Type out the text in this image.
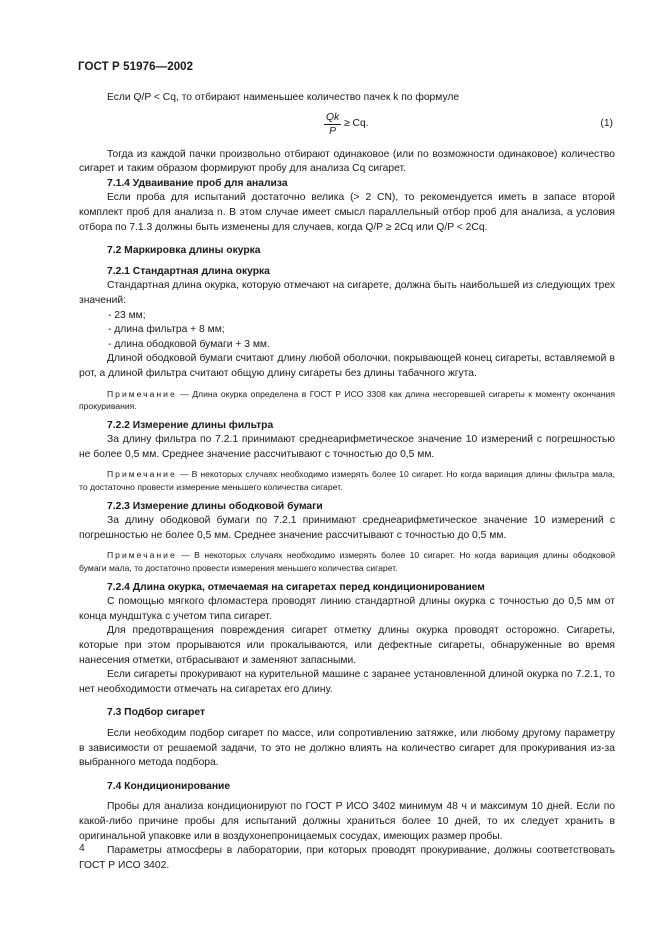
ГОСТ Р 51976—2002

Если Q/P < Cq, то отбирают наименьшее количество пачек k по формуле

$\frac{Qk}{P} \ge Cq$.	(1)

Тогда из каждой пачки произвольно отбирают одинаковое (или по возможности одинаковое) количество сигарет и таким образом формируют пробу для анализа Cq сигарет.

7.1.4 Удваивание проб для анализа

Если проба для испытаний достаточно велика (> 2 CN), то рекомендуется иметь в запасе второй комплект проб для анализа n. В этом случае имеет смысл параллельный отбор проб для анализа, а условия отбора по 7.1.3 должны быть изменены для случаев, когда Q/P ≥ 2Cq или Q/P < 2Cq.

7.2 Маркировка длины окурка

7.2.1 Стандартная длина окурка

Стандартная длина окурка, которую отмечают на сигарете, должна быть наибольшей из следующих трех значений:

- 23 мм;

- длина фильтра + 8 мм;

- длина ободковой бумаги + 3 мм.

Длиной ободковой бумаги считают длину любой оболочки, покрывающей конец сигареты, вставляемой в рот, а длиной фильтра считают общую длину сигареты без длины табачного жгута.

Примечание — Длина окурка определена в ГОСТ Р ИСО 3308 как длина несгоревшей сигареты к моменту окончания прокуривания.

7.2.2 Измерение длины фильтра

За длину фильтра по 7.2.1 принимают среднеарифметическое значение 10 измерений с погрешностью не более 0,5 мм. Среднее значение рассчитывают с точностью до 0,5 мм.

Примечание — В некоторых случаях необходимо измерять более 10 сигарет. Но когда вариация длины фильтра мала, то достаточно провести измерение меньшего количества сигарет.

7.2.3 Измерение длины ободковой бумаги

За длину ободковой бумаги по 7.2.1 принимают среднеарифметическое значение 10 измерений с погрешностью не более 0,5 мм. Среднее значение рассчитывают с точностью до 0,5 мм.

Примечание — В некоторых случаях необходимо измерять более 10 сигарет. Но когда вариация длины ободковой бумаги мала, то достаточно провести измерения меньшего количества сигарет.

7.2.4 Длина окурка, отмечаемая на сигаретах перед кондиционированием

С помощью мягкого фломастера проводят линию стандартной длины окурка с точностью до 0,5 мм от конца мундштука с учетом типа сигарет.

Для предотвращения повреждения сигарет отметку длины окурка проводят осторожно. Сигареты, которые при этом прорываются или прокалываются, или дефектные сигареты, обнаруженные во время нанесения отметки, отбрасывают и заменяют запасными.

Если сигареты прокуривают на курительной машине с заранее установленной длиной окурка по 7.2.1, то нет необходимости отмечать на сигаретах его длину.

7.3 Подбор сигарет

Если необходим подбор сигарет по массе, или сопротивлению затяжке, или любому другому параметру в зависимости от решаемой задачи, то это не должно влиять на количество сигарет для прокуривания из-за выбранного метода подбора.

7.4 Кондиционирование

Пробы для анализа кондиционируют по ГОСТ Р ИСО 3402 минимум 48 ч и максимум 10 дней. Если по какой-либо причине пробы для испытаний должны храниться более 10 дней, то их следует хранить в оригинальной упаковке или в воздухонепроницаемых сосудах, имеющих размер пробы.

Параметры атмосферы в лаборатории, при которых проводят прокуривание, должны соответствовать ГОСТ Р ИСО 3402.

4
